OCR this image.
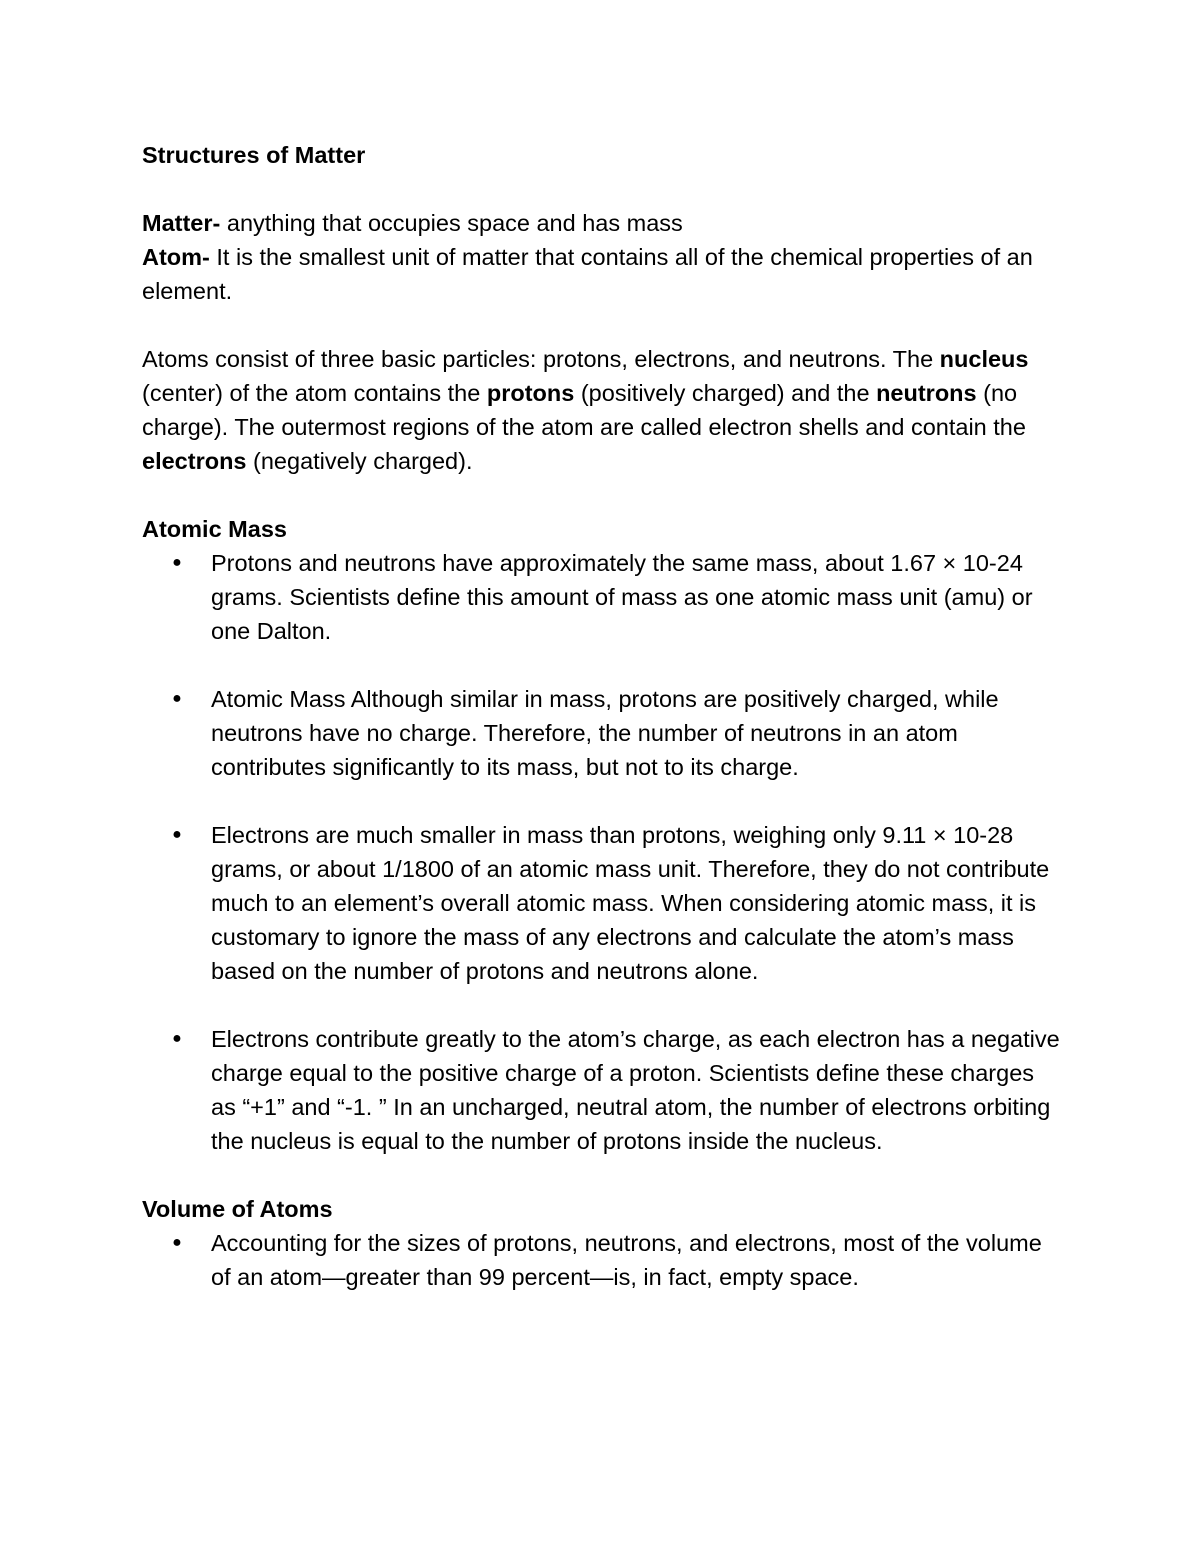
Structures of Matter

Matter- anything that occupies space and has mass

Atom- It is the smallest unit of matter that contains all of the chemical properties of an element.

Atoms consist of three basic particles: protons, electrons, and neutrons. The nucleus (center) of the atom contains the protons (positively charged) and the neutrons (no charge). The outermost regions of the atom are called electron shells and contain the electrons (negatively charged).

Atomic Mass
● Protons and neutrons have approximately the same mass, about 1.67 × 10-24 grams. Scientists define this amount of mass as one atomic mass unit (amu) or one Dalton.
● Atomic Mass Although similar in mass, protons are positively charged, while neutrons have no charge. Therefore, the number of neutrons in an atom contributes significantly to its mass, but not to its charge.
● Electrons are much smaller in mass than protons, weighing only 9.11 × 10-28 grams, or about 1/1800 of an atomic mass unit. Therefore, they do not contribute much to an element’s overall atomic mass. When considering atomic mass, it is customary to ignore the mass of any electrons and calculate the atom’s mass based on the number of protons and neutrons alone.
● Electrons contribute greatly to the atom’s charge, as each electron has a negative charge equal to the positive charge of a proton. Scientists define these charges as “+1” and “-1. ” In an uncharged, neutral atom, the number of electrons orbiting the nucleus is equal to the number of protons inside the nucleus.
Volume of Atoms
● Accounting for the sizes of protons, neutrons, and electrons, most of the volume of an atom—greater than 99 percent—is, in fact, empty space.
